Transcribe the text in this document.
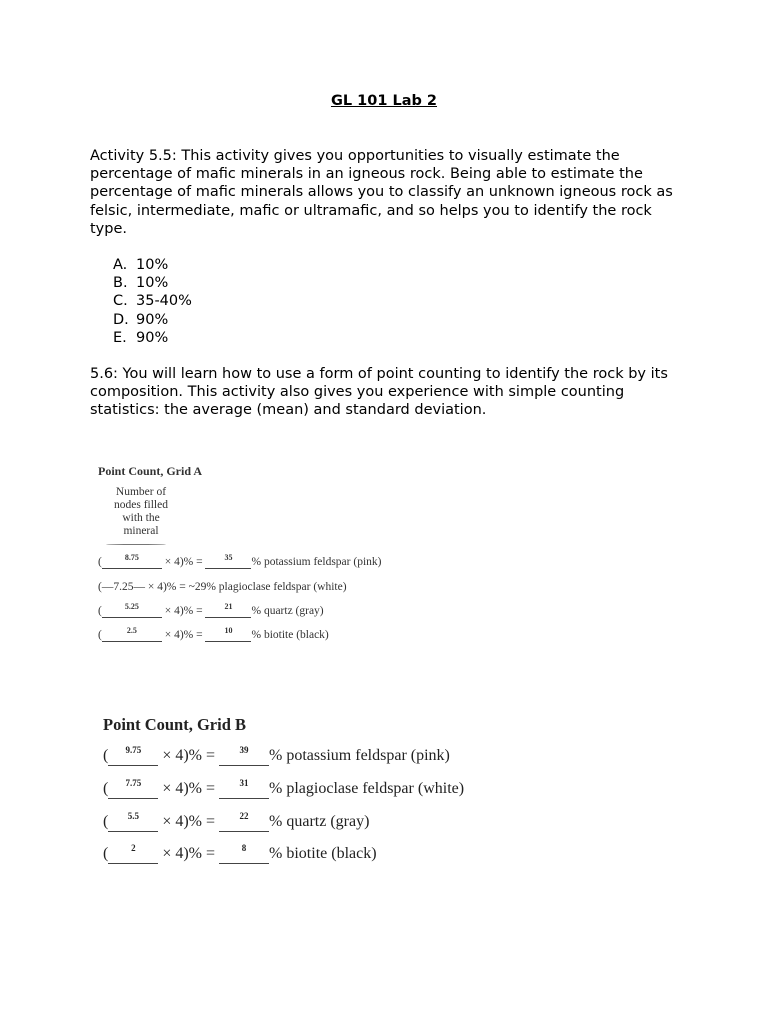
GL 101 Lab 2

Activity 5.5: This activity gives you opportunities to visually estimate the percentage of mafic minerals in an igneous rock. Being able to estimate the percentage of mafic minerals allows you to classify an unknown igneous rock as felsic, intermediate, mafic or ultramafic, and so helps you to identify the rock type.

A. 10%
B. 10%
C. 35-40%
D. 90%
E. 90%

5.6: You will learn how to use a form of point counting to identify the rock by its composition. This activity also gives you experience with simple counting statistics: the average (mean) and standard deviation.

Point Count, Grid A
Number of nodes filled with the mineral
(	$^{8.75}$ × 4)% =	$^{35}$ % potassium feldspar (pink)
(—7.25— × 4)% = ~29% plagioclase feldspar (white)
(	$^{5.25}$ × 4)% =	$^{21}$ % quartz (gray)
(	$^{2.5}$ × 4)% =	$^{10}$ % biotite (black)
Point Count, Grid B
( $^{9.75}$ × 4)% =	$^{39}$ % potassium feldspar (pink)
( $^{7.75}$ × 4)% =	$^{31}$ % plagioclase feldspar (white)
( $^{5.5}$ × 4)% =	$^{22}$ % quartz (gray)
(	$^2$ × 4)% =	$^8$ % biotite (black)
